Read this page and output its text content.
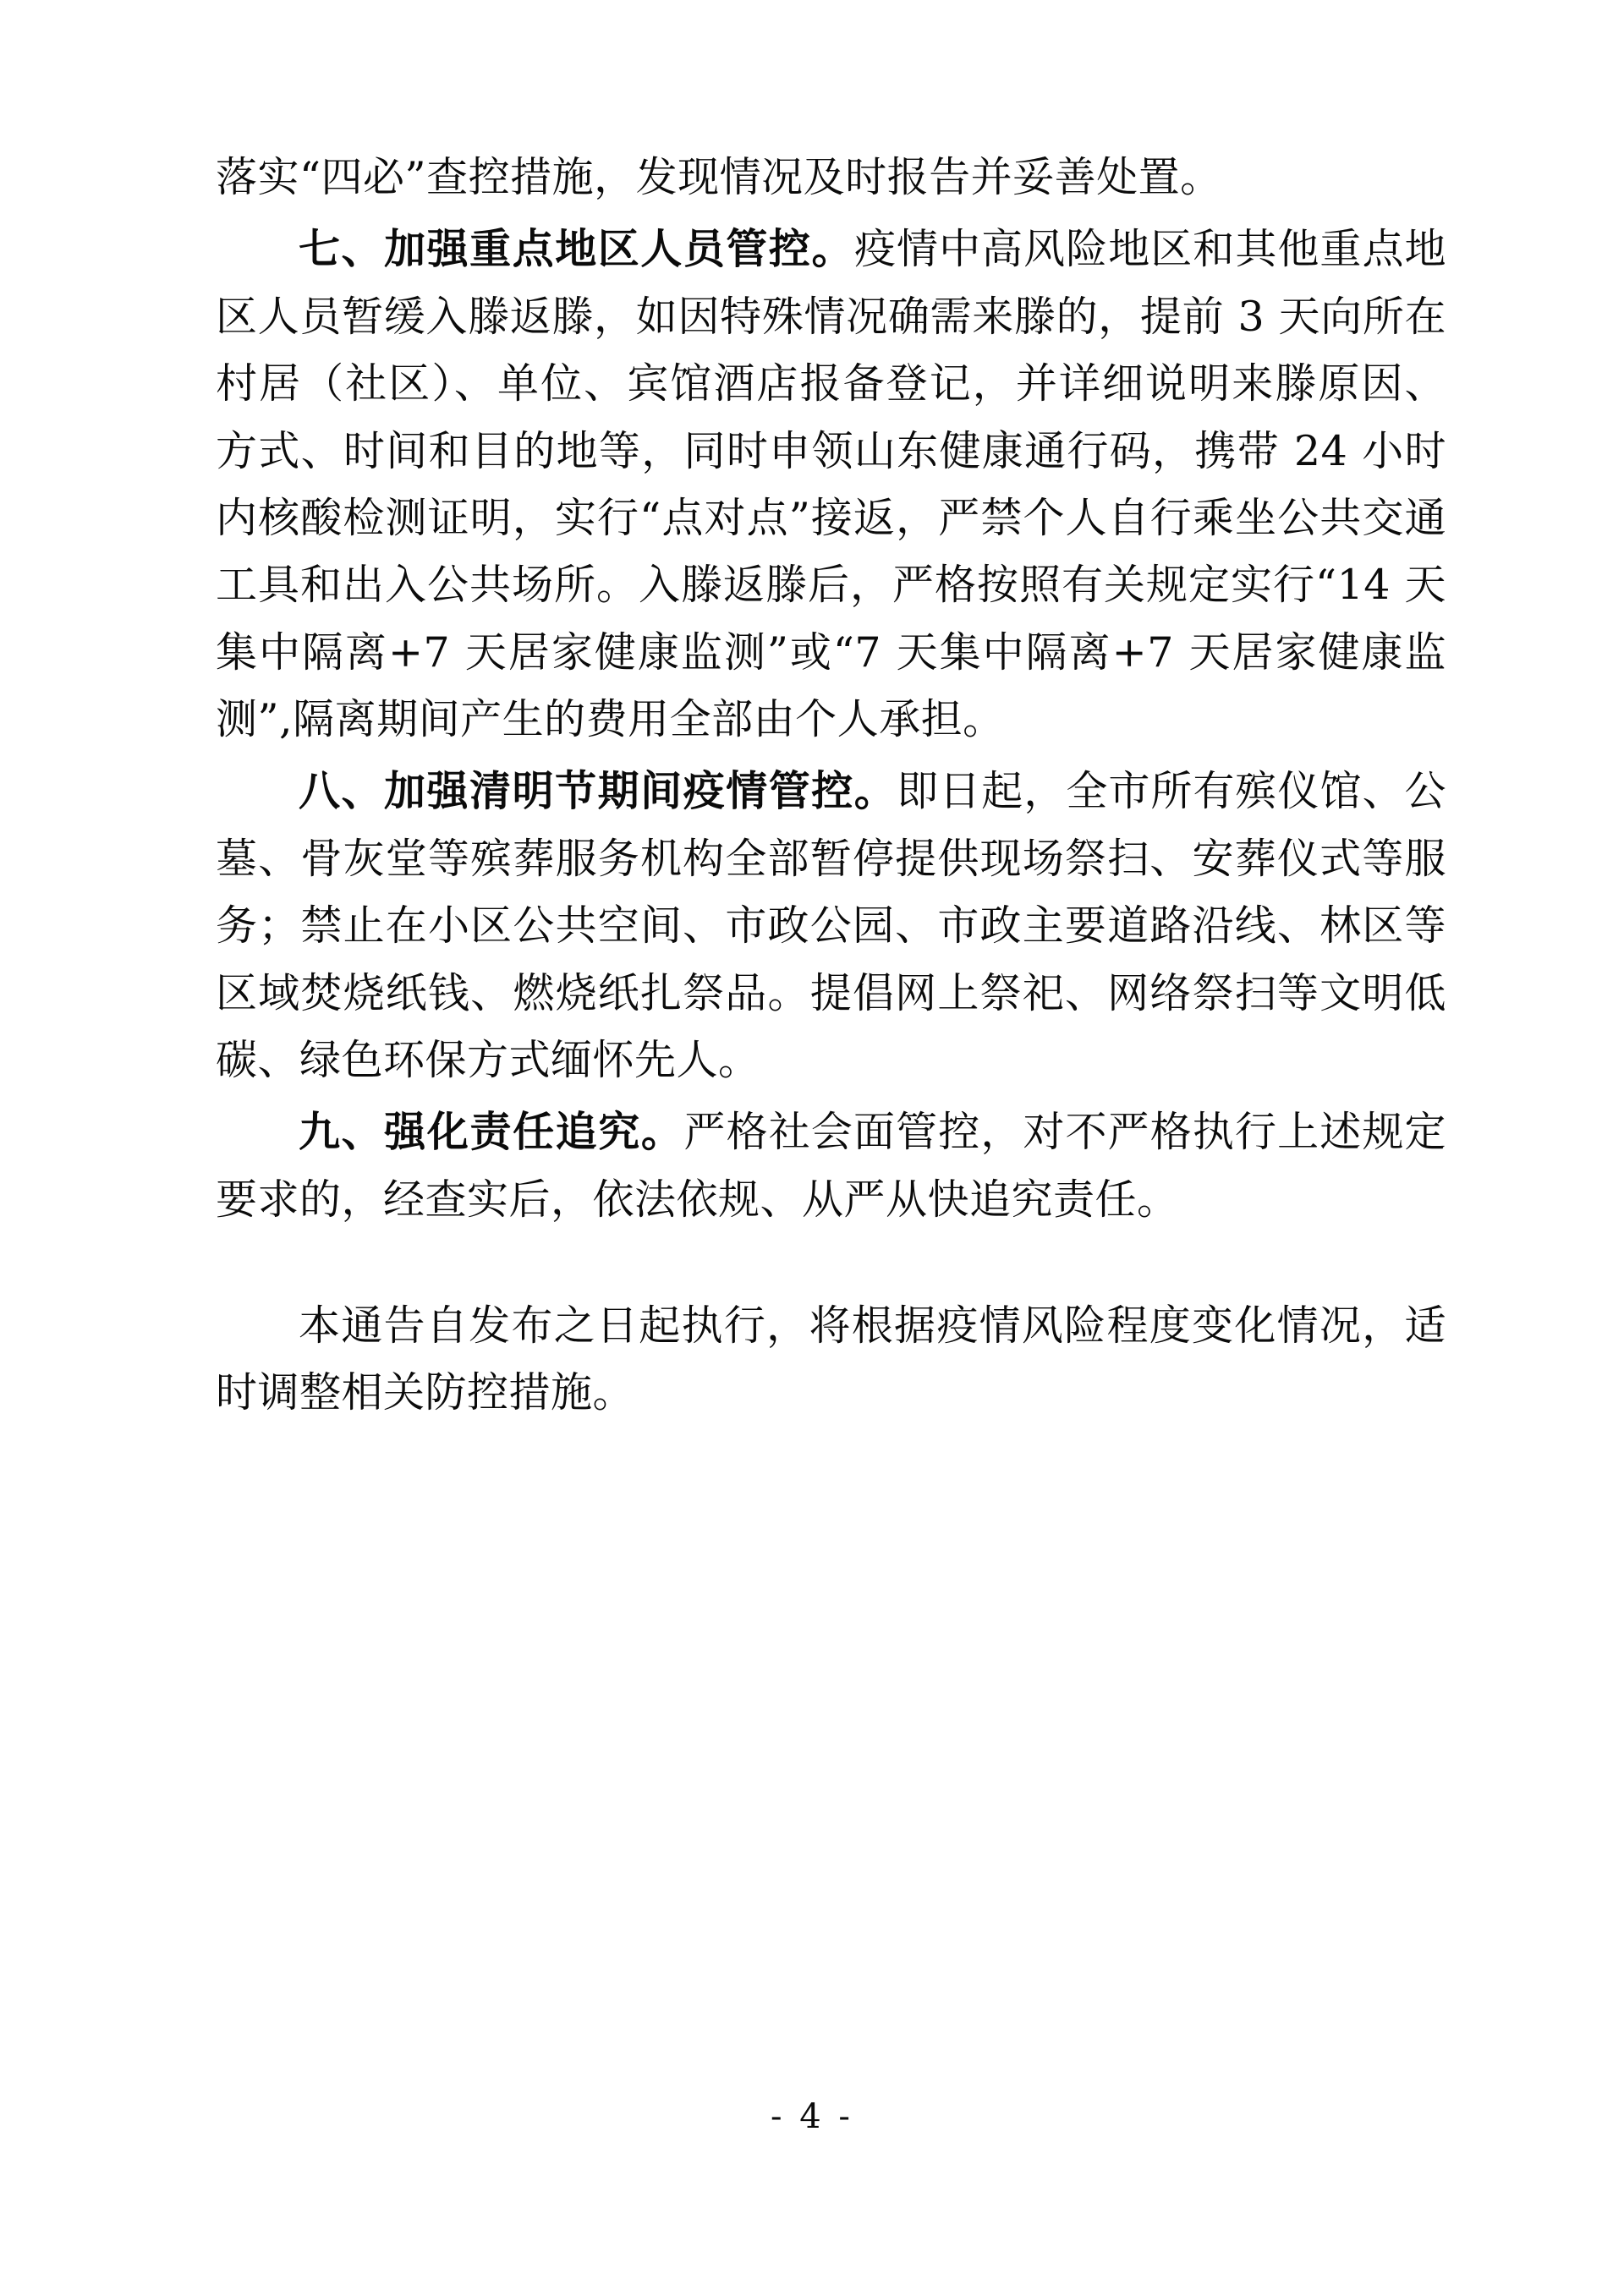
落实“四必”查控措施，发现情况及时报告并妥善处置。

七、加强重点地区人员管控。疫情中高风险地区和其他重点地区人员暂缓入滕返滕，如因特殊情况确需来滕的，提前 3 天向所在村居（社区）、单位、宾馆酒店报备登记，并详细说明来滕原因、方式、时间和目的地等，同时申领山东健康通行码，携带 24 小时内核酸检测证明，实行“点对点”接返，严禁个人自行乘坐公共交通工具和出入公共场所。入滕返滕后，严格按照有关规定实行“14 天集中隔离+7 天居家健康监测”或“7 天集中隔离+7 天居家健康监测”,隔离期间产生的费用全部由个人承担。

八、加强清明节期间疫情管控。即日起，全市所有殡仪馆、公墓、骨灰堂等殡葬服务机构全部暂停提供现场祭扫、安葬仪式等服务；禁止在小区公共空间、市政公园、市政主要道路沿线、林区等区域焚烧纸钱、燃烧纸扎祭品。提倡网上祭祀、网络祭扫等文明低碳、绿色环保方式缅怀先人。

九、强化责任追究。严格社会面管控，对不严格执行上述规定要求的，经查实后，依法依规、从严从快追究责任。

本通告自发布之日起执行，将根据疫情风险程度变化情况，适时调整相关防控措施。

- 4 -
